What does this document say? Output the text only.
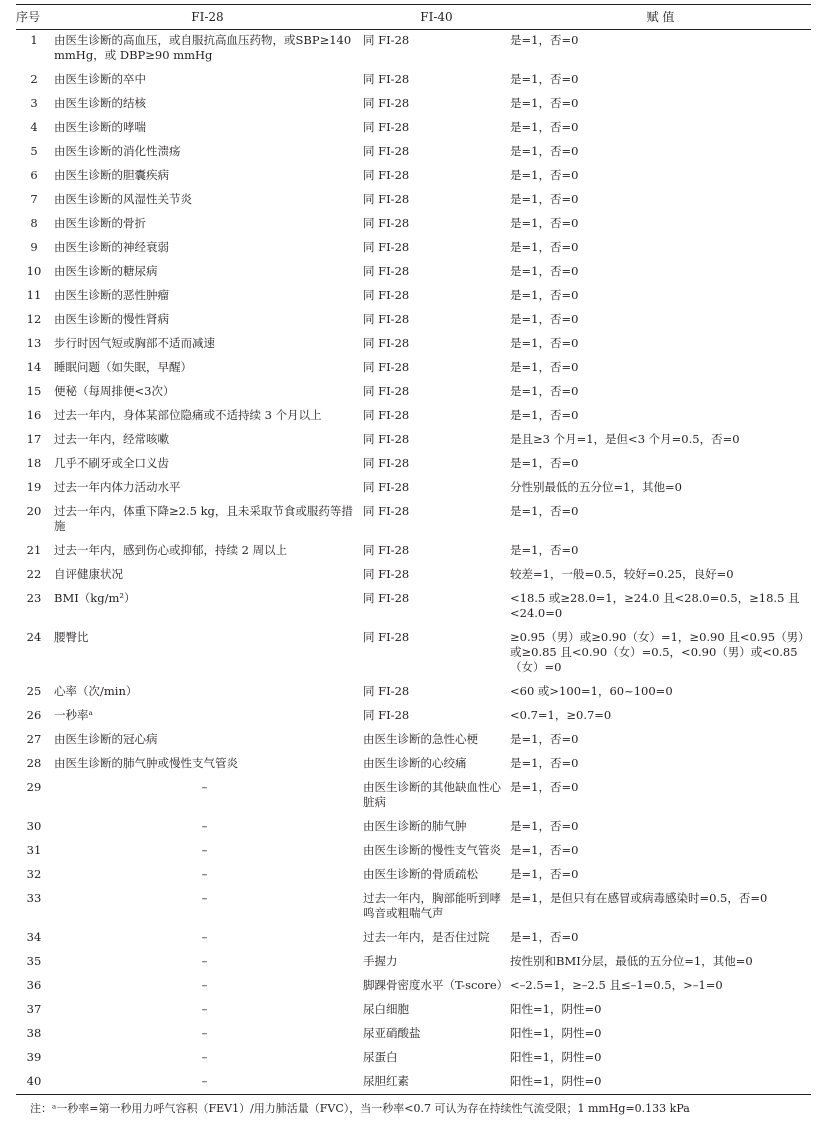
序号	FI-28	FI-40	赋 值
1	由医生诊断的高血压，或自服抗高血压药物，或SBP≥140 mmHg，或 DBP≥90 mmHg	同 FI-28	是=1，否=0
2	由医生诊断的卒中	同 FI-28	是=1，否=0
3	由医生诊断的结核	同 FI-28	是=1，否=0
4	由医生诊断的哮喘	同 FI-28	是=1，否=0
5	由医生诊断的消化性溃疡	同 FI-28	是=1，否=0
6	由医生诊断的胆囊疾病	同 FI-28	是=1，否=0
7	由医生诊断的风湿性关节炎	同 FI-28	是=1，否=0
8	由医生诊断的骨折	同 FI-28	是=1，否=0
9	由医生诊断的神经衰弱	同 FI-28	是=1，否=0
10	由医生诊断的糖尿病	同 FI-28	是=1，否=0
11	由医生诊断的恶性肿瘤	同 FI-28	是=1，否=0
12	由医生诊断的慢性肾病	同 FI-28	是=1，否=0
13	步行时因气短或胸部不适而减速	同 FI-28	是=1，否=0
14	睡眠问题（如失眠，早醒）	同 FI-28	是=1，否=0
15	便秘（每周排便<3次）	同 FI-28	是=1，否=0
16	过去一年内，身体某部位隐痛或不适持续 3 个月以上	同 FI-28	是=1，否=0
17	过去一年内，经常咳嗽	同 FI-28	是且≥3 个月=1，是但<3 个月=0.5，否=0
18	几乎不刷牙或全口义齿	同 FI-28	是=1，否=0
19	过去一年内体力活动水平	同 FI-28	分性别最低的五分位=1，其他=0
20	过去一年内，体重下降≥2.5 kg，且未采取节食或服药等措施	同 FI-28	是=1，否=0
21	过去一年内，感到伤心或抑郁，持续 2 周以上	同 FI-28	是=1，否=0
22	自评健康状况	同 FI-28	较差=1，一般=0.5，较好=0.25，良好=0
23	BMI（kg/m²）	同 FI-28	<18.5 或≥28.0=1，≥24.0 且<28.0=0.5，≥18.5 且<24.0=0
24	腰臀比	同 FI-28	≥0.95（男）或≥0.90（女）=1，≥0.90 且<0.95（男）或≥0.85 且<0.90（女）=0.5，<0.90（男）或<0.85（女）=0
25	心率（次/min）	同 FI-28	<60 或>100=1，60~100=0
26	一秒率ᵃ	同 FI-28	<0.7=1，≥0.7=0
27	由医生诊断的冠心病	由医生诊断的急性心梗	是=1，否=0
28	由医生诊断的肺气肿或慢性支气管炎	由医生诊断的心绞痛	是=1，否=0
29	–	由医生诊断的其他缺血性心脏病	是=1，否=0
30	–	由医生诊断的肺气肿	是=1，否=0
31	–	由医生诊断的慢性支气管炎	是=1，否=0
32	–	由医生诊断的骨质疏松	是=1，否=0
33	–	过去一年内，胸部能听到哮鸣音或粗喘气声	是=1，是但只有在感冒或病毒感染时=0.5，否=0
34	–	过去一年内，是否住过院	是=1，否=0
35	–	手握力	按性别和BMI分层，最低的五分位=1，其他=0
36	–	脚踝骨密度水平（T-score）	<–2.5=1，≥–2.5 且≤–1=0.5，>–1=0
37	–	尿白细胞	阳性=1，阴性=0
38	–	尿亚硝酸盐	阳性=1，阴性=0
39	–	尿蛋白	阳性=1，阴性=0
40	–	尿胆红素	阳性=1，阴性=0
注：ᵃ一秒率=第一秒用力呼气容积（FEV1）/用力肺活量（FVC），当一秒率<0.7 可认为存在持续性气流受限；1 mmHg=0.133 kPa
